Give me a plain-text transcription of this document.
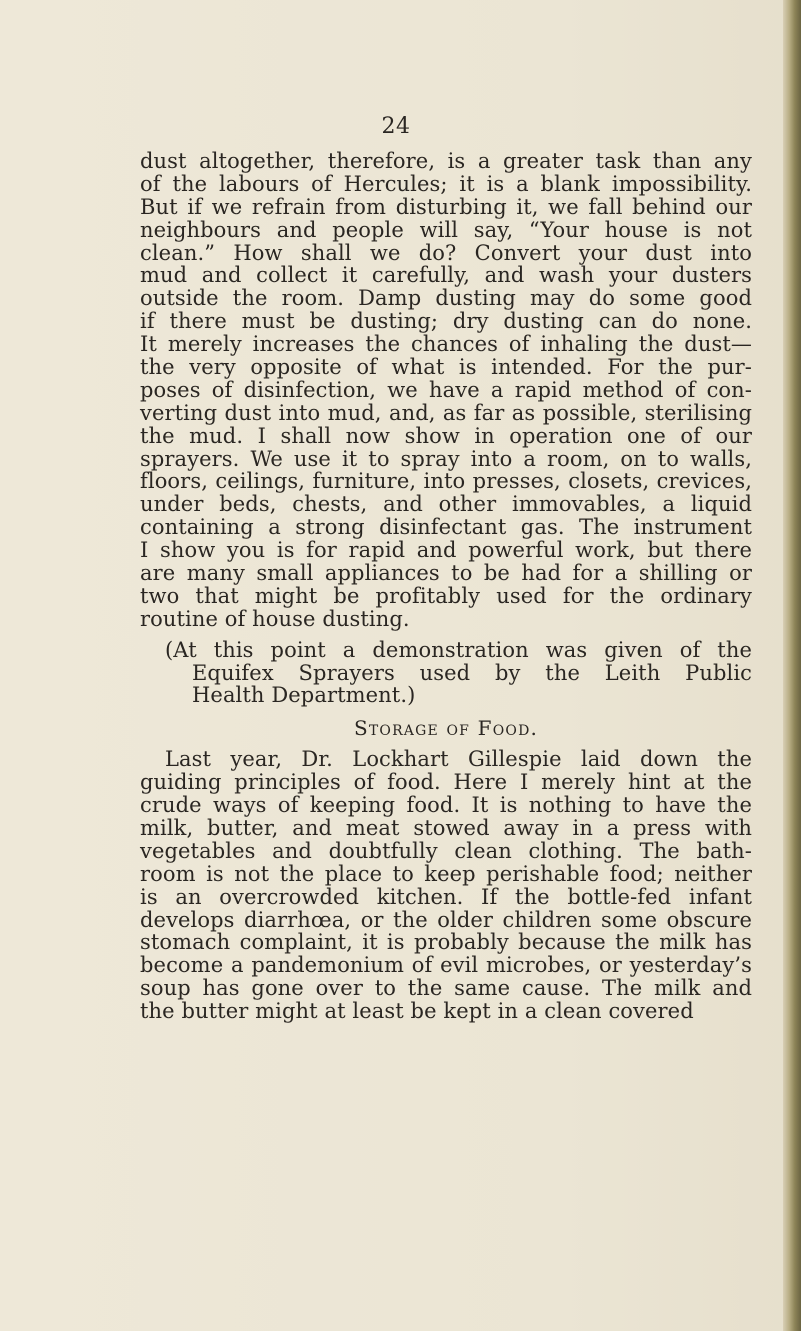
24
dust altogether, therefore, is a greater task than any
of the labours of Hercules; it is a blank impossibility.
But if we refrain from disturbing it, we fall behind our
neighbours and people will say, “Your house is not
clean.” How shall we do? Convert your dust into
mud and collect it carefully, and wash your dusters
outside the room. Damp dusting may do some good
if there must be dusting; dry dusting can do none.
It merely increases the chances of inhaling the dust—
the very opposite of what is intended. For the pur-
poses of disinfection, we have a rapid method of con-
verting dust into mud, and, as far as possible, sterilising
the mud. I shall now show in operation one of our
sprayers. We use it to spray into a room, on to walls,
floors, ceilings, furniture, into presses, closets, crevices,
under beds, chests, and other immovables, a liquid
containing a strong disinfectant gas. The instrument
I show you is for rapid and powerful work, but there
are many small appliances to be had for a shilling or
two that might be profitably used for the ordinary
routine of house dusting.
(At this point a demonstration was given of the
Equifex Sprayers used by the Leith Public
Health Department.)
Storage of Food.
Last year, Dr. Lockhart Gillespie laid down the
guiding principles of food. Here I merely hint at the
crude ways of keeping food. It is nothing to have the
milk, butter, and meat stowed away in a press with
vegetables and doubtfully clean clothing. The bath-
room is not the place to keep perishable food; neither
is an overcrowded kitchen. If the bottle-fed infant
develops diarrhœa, or the older children some obscure
stomach complaint, it is probably because the milk has
become a pandemonium of evil microbes, or yesterday’s
soup has gone over to the same cause. The milk and
the butter might at least be kept in a clean covered
